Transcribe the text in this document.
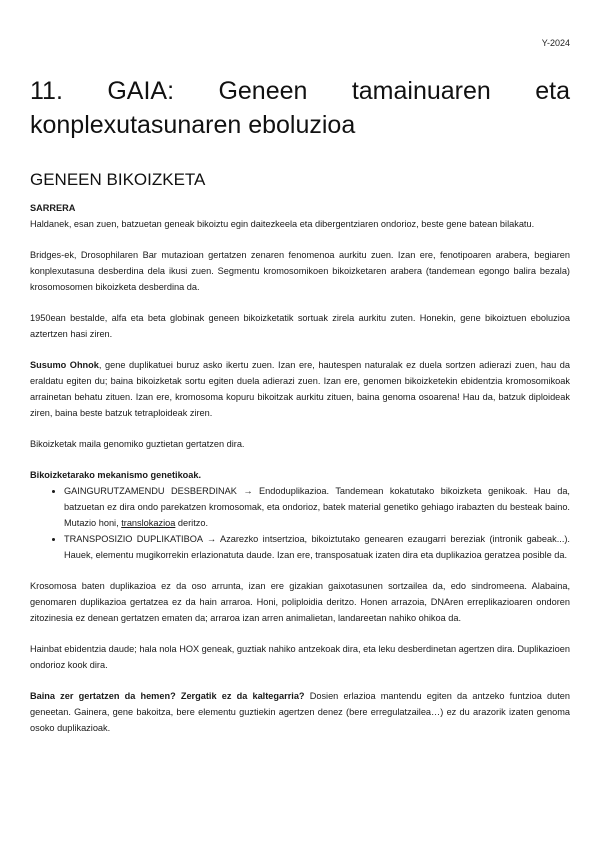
Y-2024
11. GAIA: Geneen tamainuaren eta
konplexutasunaren eboluzioa
GENEEN BIKOIZKETA
SARRERA

Haldanek, esan zuen, batzuetan geneak bikoiztu egin daitezkeela eta dibergentziaren ondorioz, beste gene batean bilakatu.

Bridges-ek, Drosophilaren Bar mutazioan gertatzen zenaren fenomenoa aurkitu zuen. Izan ere, fenotipoaren arabera, begiaren konplexutasuna desberdina dela ikusi zuen. Segmentu kromosomikoen bikoizketaren arabera (tandemean egongo balira bezala) krosomosomen bikoizketa desberdina da.

1950ean bestalde, alfa eta beta globinak geneen bikoizketatik sortuak zirela aurkitu zuten. Honekin, gene bikoiztuen eboluzioa aztertzen hasi ziren.

Susumo Ohnok, gene duplikatuei buruz asko ikertu zuen. Izan ere, hautespen naturalak ez duela sortzen adierazi zuen, hau da eraldatu egiten du; baina bikoizketak sortu egiten duela adierazi zuen. Izan ere, genomen bikoizketekin ebidentzia kromosomikoak arrainetan behatu zituen. Izan ere, kromosoma kopuru bikoitzak aurkitu zituen, baina genoma osoarena! Hau da, batzuk diploideak ziren, baina beste batzuk tetraploideak ziren.

Bikoizketak maila genomiko guztietan gertatzen dira.

Bikoizketarako mekanismo genetikoak.
• GAINGURUTZAMENDU DESBERDINAK → Endoduplikazioa. Tandemean kokatutako bikoizketa genikoak. Hau da, batzuetan ez dira ondo parekatzen kromosomak, eta ondorioz, batek material genetiko gehiago irabazten du besteak baino. Mutazio honi, translokazioa deritzo.
• TRANSPOSIZIO DUPLIKATIBOA → Azarezko intsertzioa, bikoiztutako genearen ezaugarri bereziak (intronik gabeak...). Hauek, elementu mugikorrekin erlazionatuta daude. Izan ere, transposatuak izaten dira eta duplikazioa geratzea posible da.

Krosomosa baten duplikazioa ez da oso arrunta, izan ere gizakian gaixotasunen sortzailea da, edo sindromeena. Alabaina, genomaren duplikazioa gertatzea ez da hain arraroa. Honi, poliploidia deritzo. Honen arrazoia, DNAren erreplikazioaren ondoren zitozinesia ez denean gertatzen ematen da; arraroa izan arren animalietan, landareetan nahiko ohikoa da.

Hainbat ebidentzia daude; hala nola HOX geneak, guztiak nahiko antzekoak dira, eta leku desberdinetan agertzen dira. Duplikazioen ondorioz kook dira.

Baina zer gertatzen da hemen? Zergatik ez da kaltegarria? Dosien erlazioa mantendu egiten da antzeko funtzioa duten geneetan. Gainera, gene bakoitza, bere elementu guztiekin agertzen denez (bere erregulatzailea…) ez du arazorik izaten genoma osoko duplikazioak.
